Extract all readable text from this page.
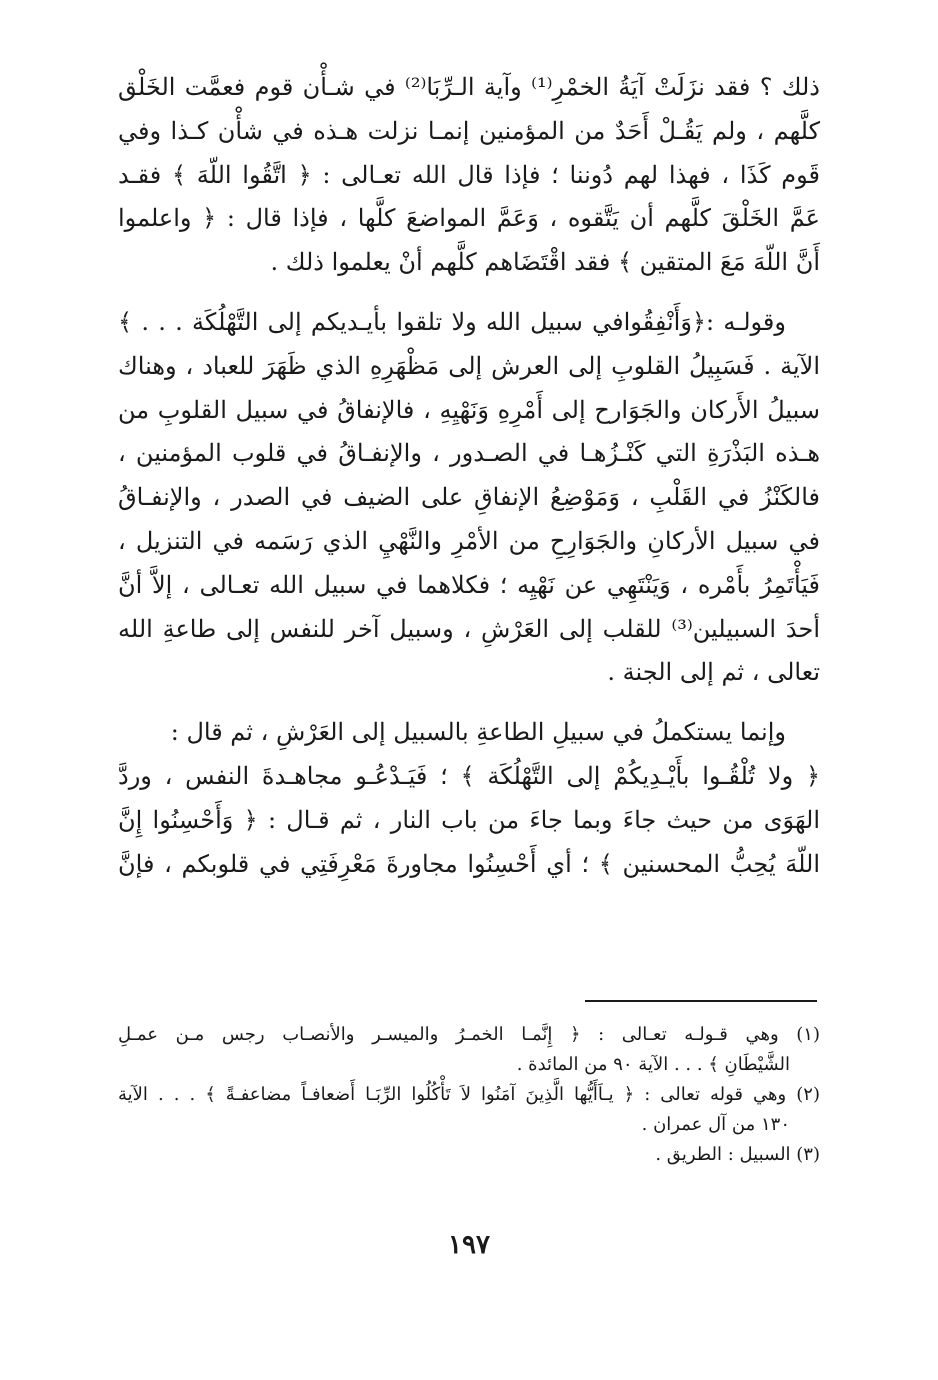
ذلك ؟ فقد نزَلَتْ آيَةُ الخمْرِ⁽¹⁾ وآية الـرِّبَا⁽²⁾ في شـأْن قوم فعمَّت الخَلْق
كلَّهم ، ولم يَقُـلْ أَحَدٌ من المؤمنين إنمـا نزلت هـذه في شأْن كـذا وفي
قَوم كَذَا ، فهذا لهم دُوننا ؛ فإذا قال الله تعـالى : ﴿ اتَّقُوا اللّهَ ﴾ فقـد
عَمَّ الخَلْقَ كلَّهم أن يَتَّقوه ، وَعَمَّ المواضعَ كلَّها ، فإذا قال : ﴿ واعلموا
أَنَّ اللّهَ مَعَ المتقين ﴾ فقد اقْتَضَاهم كلَّهم أنْ يعلموا ذلك .

وقولـه :﴿وَأَنْفِقُوافي سبيل الله ولا تلقوا بأيـديكم إلى التَّهْلُكَة . . . ﴾
الآية . فَسَبِيلُ القلوبِ إلى العرش إلى مَظْهَرِهِ الذي ظَهَرَ للعباد ، وهناك
سبيلُ الأَركان والجَوَارح إلى أَمْرِهِ وَنَهْيِهِ ، فالإنفاقُ في سبيل القلوبِ من
هـذه البَذْرَةِ التي كَنْـزُهـا في الصـدور ، والإنفـاقُ في قلوب المؤمنين ،
فالكَنْزُ في القَلْبِ ، وَمَوْضِعُ الإنفاقِ على الضيف في الصدر ، والإنفـاقُ
في سبيل الأركانِ والجَوَارِحِ من الأمْرِ والنَّهْيِ الذي رَسَمه في التنزيل ،
فَيَأْتَمِرُ بأَمْره ، وَيَنْتَهِي عن نَهْيِه ؛ فكلاهما في سبيل الله تعـالى ، إلاَّ أنَّ
أحدَ السبيلين⁽³⁾ للقلب إلى العَرْشِ ، وسبيل آخر للنفس إلى طاعةِ الله
تعالى ، ثم إلى الجنة .

وإنما يستكملُ في سبيلِ الطاعةِ بالسبيل إلى العَرْشِ ، ثم قال :
﴿ ولا تُلْقُـوا بأَيْـدِيكُمْ إلى التَّهْلُكَة ﴾ ؛ فَيَـدْعُـو مجاهـدةَ النفس ، وردَّ
الهَوَى من حيث جاءَ وبما جاءَ من باب النار ، ثم قـال : ﴿ وَأَحْسِنُوا إِنَّ
اللّهَ يُحِبُّ المحسنين ﴾ ؛ أي أَحْسِنُوا مجاورةَ مَعْرِفَتِي في قلوبكم ، فإنَّ

(١) وهي قـولـه تعـالى : ﴿ إِنَّمـا الخمـرُ والميسـر والأنصـاب رجس مـن عمـلِ
الشَّيْطَانِ ﴾ . . . الآية ٩٠ من المائدة .
(٢) وهي قوله تعالى : ﴿ يـاَأَيُّها الَّذِينَ آمَنُوا لاَ تَأْكُلُوا الرِّبَـا أَضعافـاً مضاعفـةً ﴾ . . . الآية
١٣٠ من آل عمران .
(٣) السبيل : الطريق .
١٩٧
